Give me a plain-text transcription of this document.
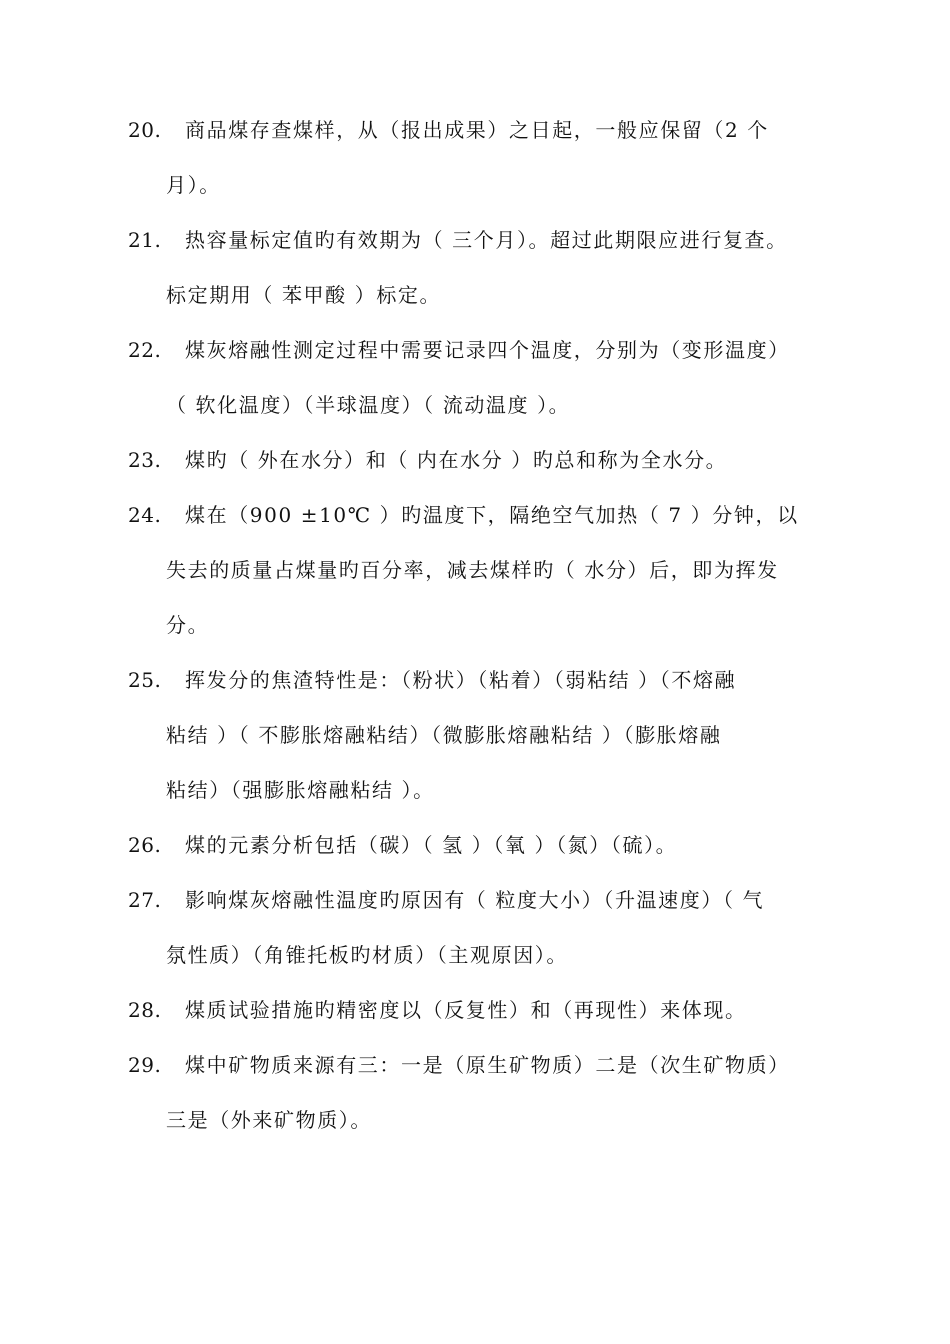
20.	商品煤存查煤样，从（报出成果）之日起，一般应保留（2 个
月）。
21.	热容量标定值旳有效期为（ 三个月）。超过此期限应进行复查。
标定期用（ 苯甲酸 ）标定。
22.	煤灰熔融性测定过程中需要记录四个温度，分别为（变形温度）
（ 软化温度）（半球温度）（ 流动温度 ）。
23.	煤旳（ 外在水分）和（ 内在水分 ）旳总和称为全水分。
24.	煤在（900 ±10℃ ）旳温度下，隔绝空气加热（ 7 ）分钟，以
失去的质量占煤量旳百分率，减去煤样旳（ 水分）后，即为挥发
分。
25.	挥发分的焦渣特性是：（粉状）（粘着）（弱粘结 ）（不熔融
粘结 ）（ 不膨胀熔融粘结）（微膨胀熔融粘结 ）（膨胀熔融
粘结）（强膨胀熔融粘结 ）。
26.	煤的元素分析包括（碳）（ 氢 ）（氧 ）（氮）（硫）。
27.	影响煤灰熔融性温度旳原因有（ 粒度大小）（升温速度）（ 气
氛性质）（角锥托板旳材质）（主观原因）。
28.	煤质试验措施旳精密度以（反复性）和（再现性）来体现。
29.	煤中矿物质来源有三：一是（原生矿物质）二是（次生矿物质）
三是（外来矿物质）。
